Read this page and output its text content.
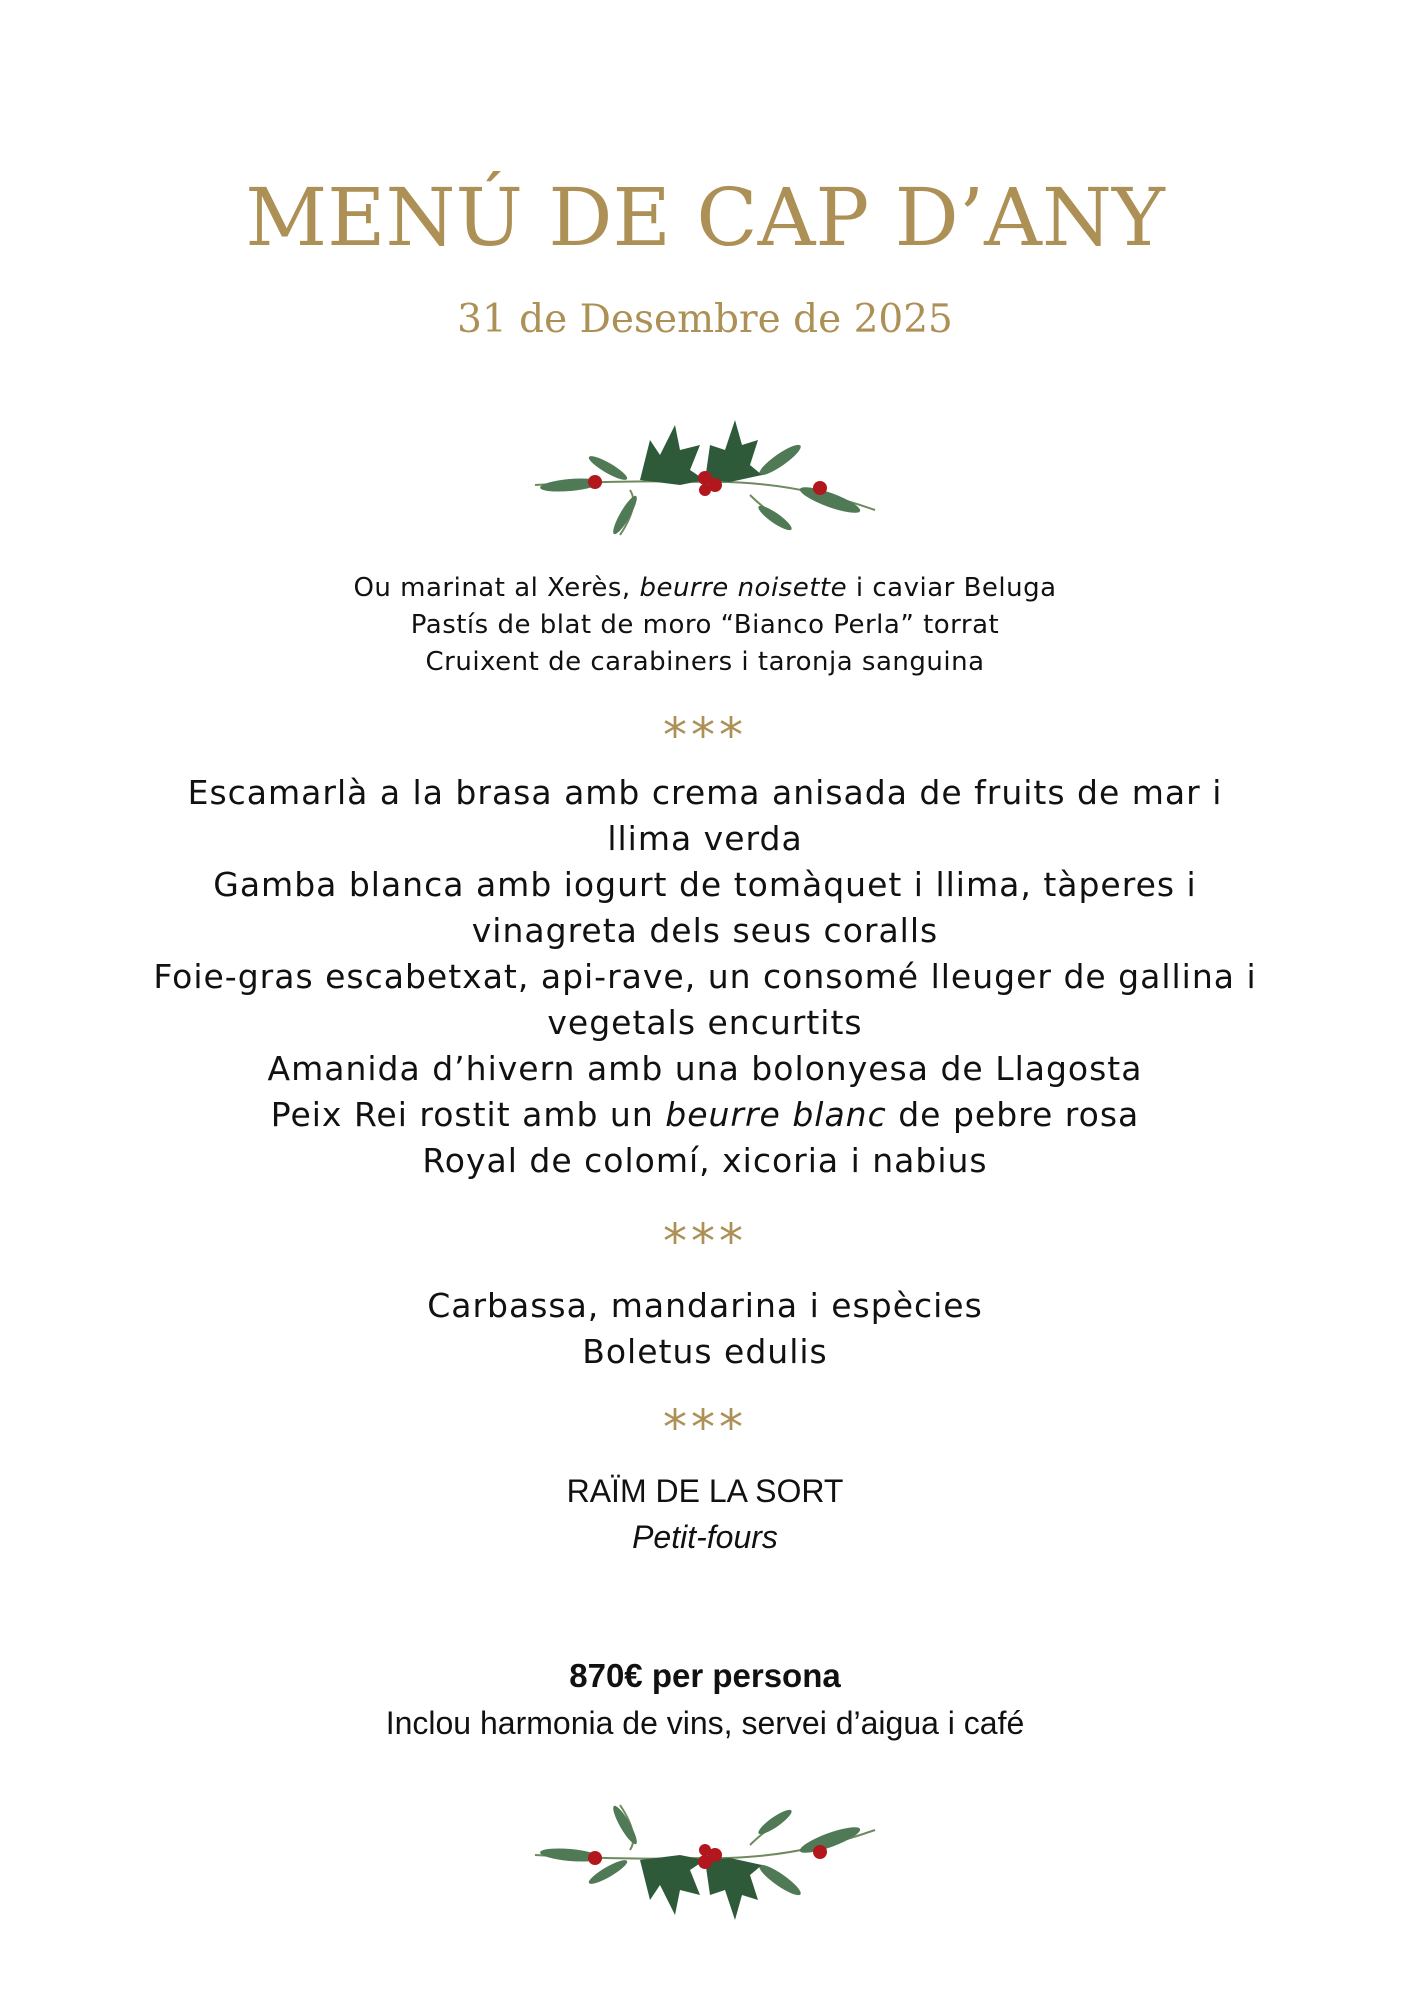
MENÚ DE CAP D’ANY
31 de Desembre de 2025
Ou marinat al Xerès, beurre noisette i caviar Beluga
Pastís de blat de moro “Bianco Perla” torrat
Cruixent de carabiners i taronja sanguina
***
Escamarlà a la brasa amb crema anisada de fruits de mar i
llima verda
Gamba blanca amb iogurt de tomàquet i llima, tàperes i
vinagreta dels seus coralls
Foie-gras escabetxat, api-rave, un consomé lleuger de gallina i
vegetals encurtits
Amanida d’hivern amb una bolonyesa de Llagosta
Peix Rei rostit amb un beurre blanc de pebre rosa
Royal de colomí, xicoria i nabius
***
Carbassa, mandarina i espècies
Boletus edulis
***
RAÏM DE LA SORT
Petit-fours
870€ per persona
Inclou harmonia de vins, servei d’aigua i café
